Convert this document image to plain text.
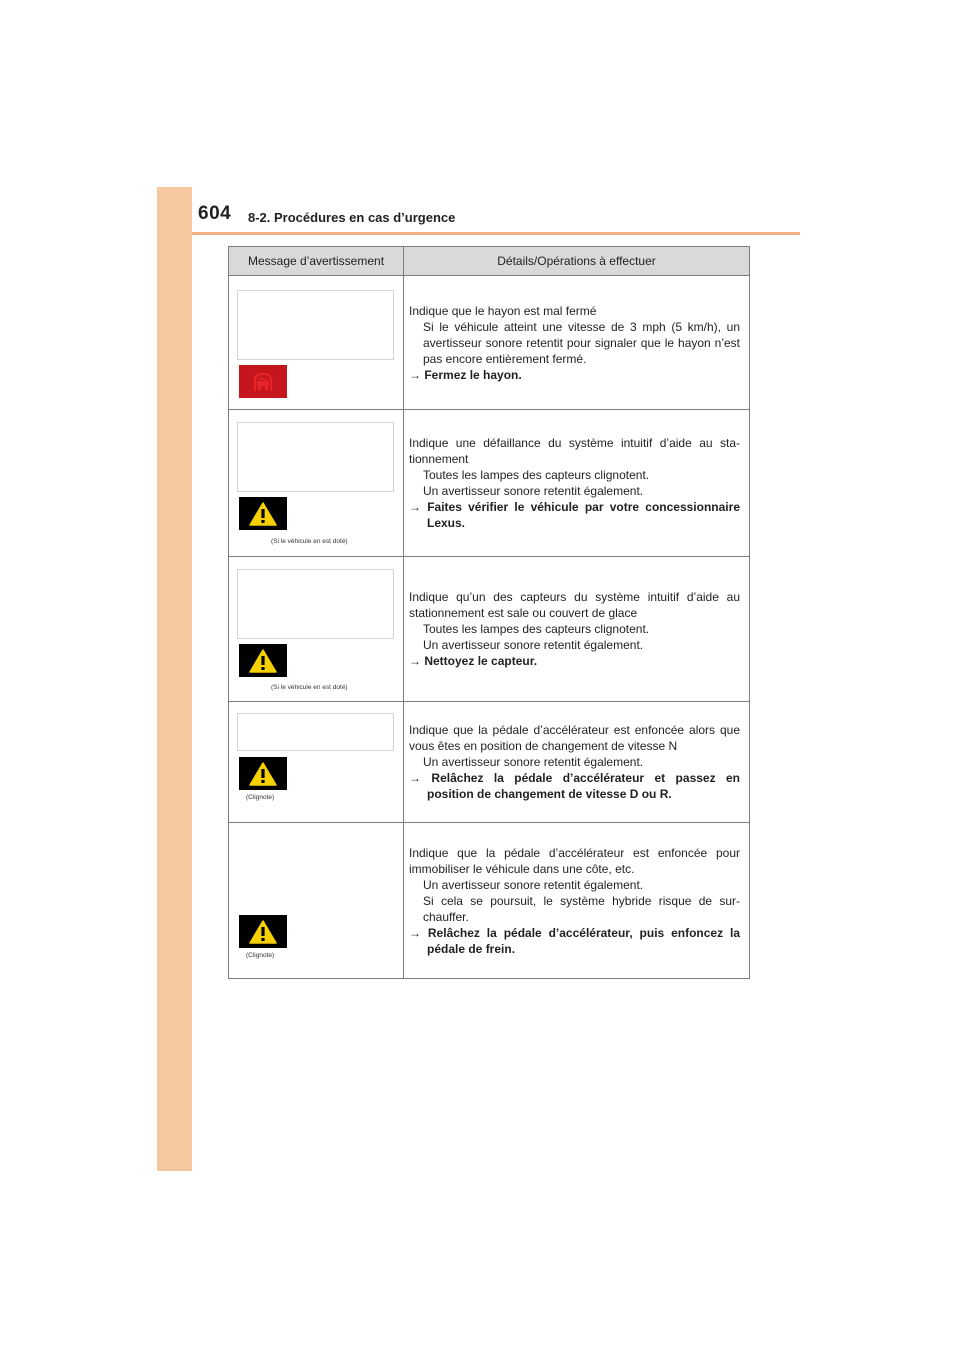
604 8-2. Procédures en cas d’urgence
Message d’avertissement	Détails/Opérations à effectuer

Indique que le hayon est mal fermé
Si le véhicule atteint une vitesse de 3 mph (5 km/h), un avertisseur sonore retentit pour signaler que le hayon n’est pas encore entièrement fermé.
→ Fermez le hayon.

(Si le véhicule en est doté)	Indique une défaillance du système intuitif d’aide au sta-tionnement
Toutes les lampes des capteurs clignotent.
Un avertisseur sonore retentit également.
→ Faites vérifier le véhicule par votre concessionnaire Lexus.

(Si le véhicule en est doté)	Indique qu’un des capteurs du système intuitif d’aide au stationnement est sale ou couvert de glace
Toutes les lampes des capteurs clignotent.
Un avertisseur sonore retentit également.
→ Nettoyez le capteur.

(Clignote)	Indique que la pédale d’accélérateur est enfoncée alors que vous êtes en position de changement de vitesse N
Un avertisseur sonore retentit également.
→ Relâchez la pédale d’accélérateur et passez en position de changement de vitesse D ou R.

(Clignote)	Indique que la pédale d’accélérateur est enfoncée pour immobiliser le véhicule dans une côte, etc.
Un avertisseur sonore retentit également.
Si cela se poursuit, le système hybride risque de sur-chauffer.
→ Relâchez la pédale d’accélérateur, puis enfoncez la pédale de frein.
